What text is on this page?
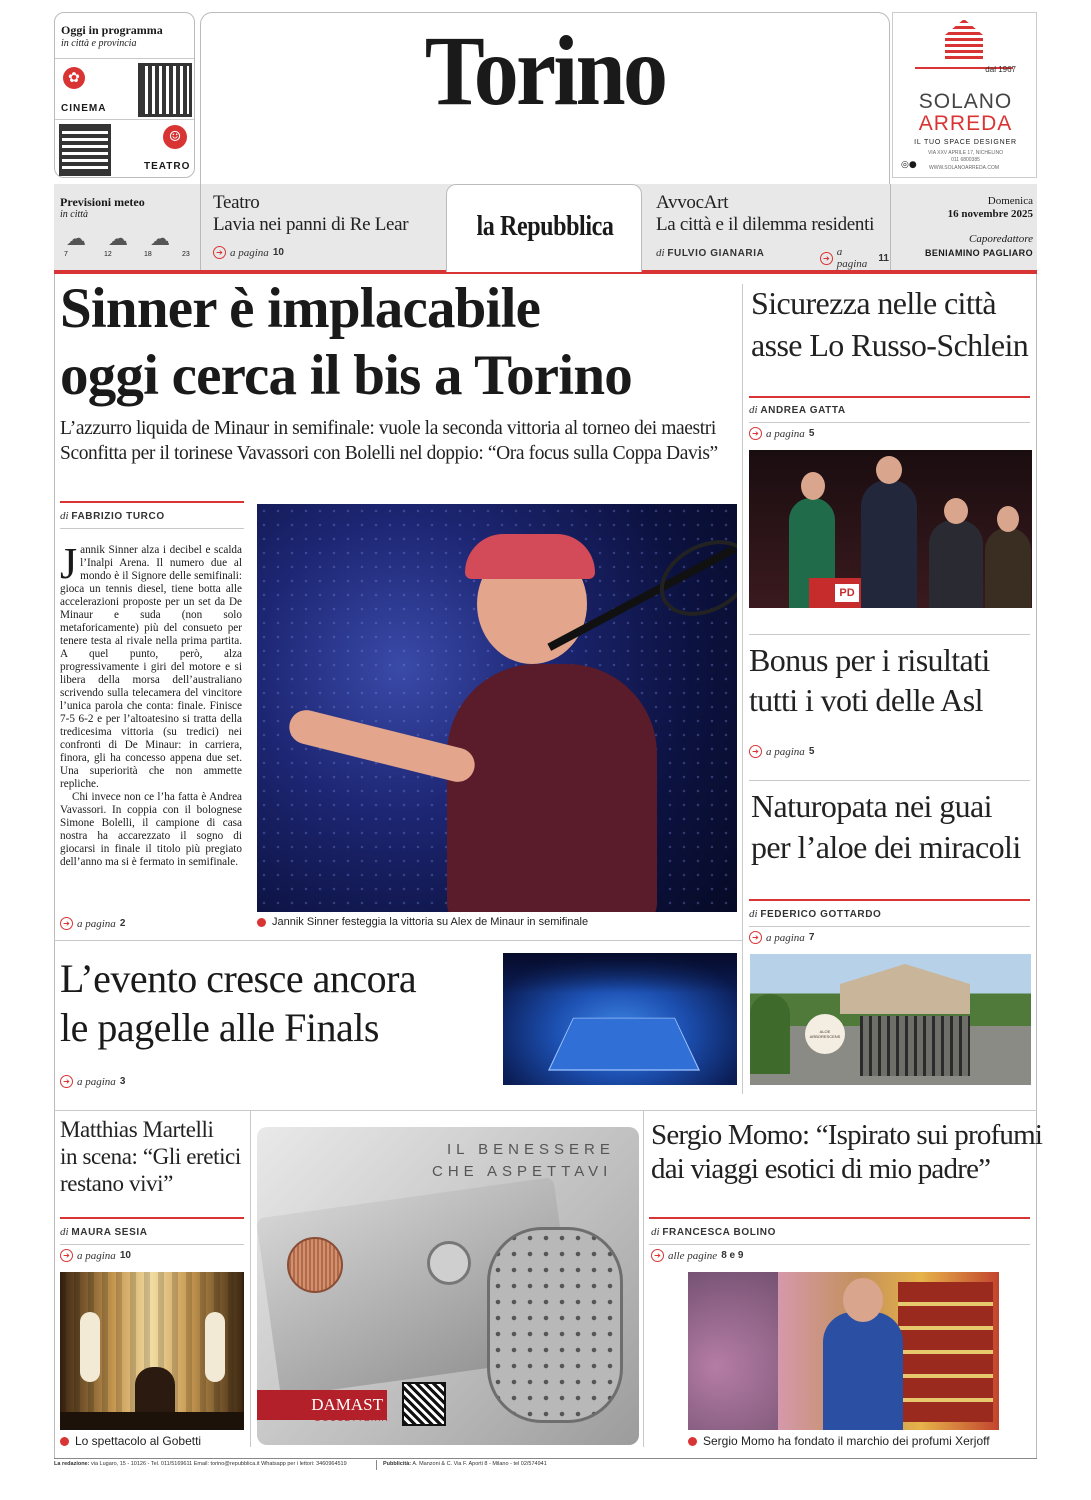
Oggi in programma
in città e provincia
✿
CINEMA
☺
TEATRO
Torino	dal 1967
SOLANO
ARREDA
IL TUO SPACE DESIGNER
VIA XXV APRILE 17, NICHELINO
011 6800385
◎● WWW.SOLANOARREDA.COM
Previsioni meteo
in città
☁ ☁ ☁
7	12	18	23
Teatro
Lavia nei panni di Re Lear
➔ a pagina 10
la Repubblica
AvvocArt
La città e il dilemma residenti
di FULVIO GIANARIA	➔ a pagina	11
Domenica
16 novembre 2025
Caporedattore
BENIAMINO PAGLIARO
Sinner è implacabile
oggi cerca il bis a Torino
L’azzurro liquida de Minaur in semifinale: vuole la seconda vittoria al torneo dei maestri
Sconfitta per il torinese Vavassori con Bolelli nel doppio: “Ora focus sulla Coppa Davis”
di FABRIZIO TURCO
Jannik Sinner alza i decibel e scalda l’Inalpi Arena. Il numero due al mondo è il Signore delle semifinali: gioca un tennis diesel, tiene botta alle accelerazioni proposte per un set da De Minaur e suda (non solo metaforicamente) più del consueto per tenere testa al rivale nella prima partita. A quel punto, però, alza progressivamente i giri del motore e si libera della morsa dell’australiano scrivendo sulla telecamera del vincitore l’unica parola che conta: finale. Finisce 7-5 6-2 e per l’altoatesino si tratta della tredicesima vittoria (su tredici) nei confronti di De Minaur: in carriera, finora, gli ha concesso appena due set. Una superiorità che non ammette repliche.
Chi invece non ce l’ha fatta è Andrea Vavassori. In coppia con il bolognese Simone Bolelli, il campione di casa nostra ha accarezzato il sogno di giocarsi in finale il titolo più pregiato dell’anno ma si è fermato in semifinale.
➔ a pagina 2	Jannik Sinner festeggia la vittoria su Alex de Minaur in semifinale
L’evento cresce ancora
le pagelle alle Finals
➔ a pagina 3
Sicurezza nelle città
asse Lo Russo-Schlein
di ANDREA GATTA
➔ a pagina 5
PD
Bonus per i risultati
tutti i voti delle Asl
➔ a pagina 5
Naturopata nei guai
per l’aloe dei miracoli
di FEDERICO GOTTARDO
➔ a pagina 7
ALOE ARBORESCENS
Matthias Martelli
in scena: “Gli eretici
restano vivi”
di MAURA SESIA
➔ a pagina 10
Lo spettacolo al Gobetti
IL BENESSERE
CHE ASPETTAVI
DAMAST
DOCCETTERIA
Sergio Momo: “Ispirato sui profumi
dai viaggi esotici di mio padre”
di FRANCESCA BOLINO
➔ alle pagine 8 e 9
Sergio Momo ha fondato il marchio dei profumi Xerjoff
La redazione: via Lugaro, 15 - 10126 - Tel. 011/5169611 Email: torino@repubblica.it Whatsapp per i lettori: 3460964519	Pubblicità: A. Manzoni & C. Via F. Aporti 8 - Milano - tel 02/574941
